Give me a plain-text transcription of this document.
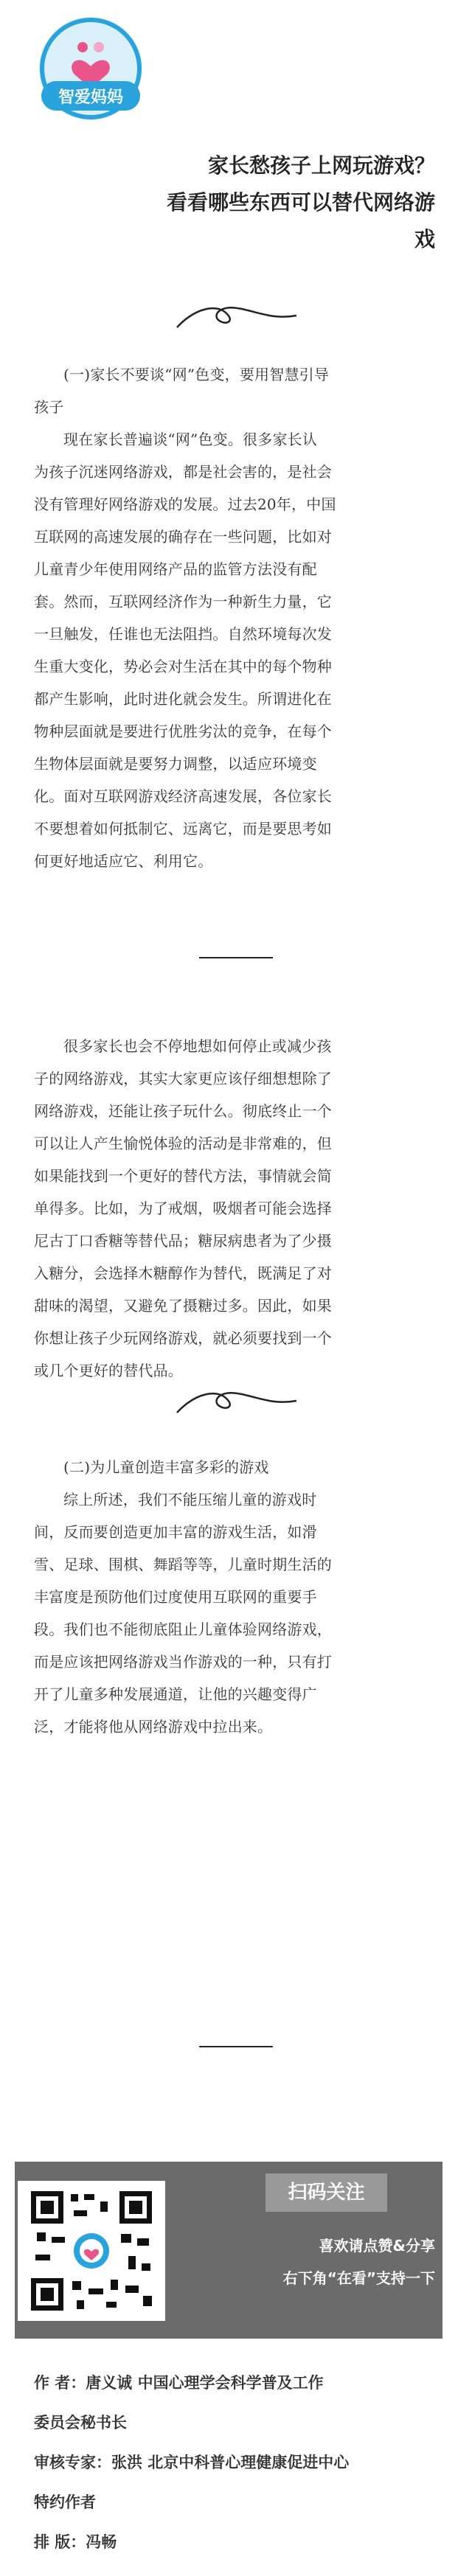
智爱妈妈
家长愁孩子上网玩游戏？
看看哪些东西可以替代网络游
戏
(一)家长不要谈“网”色变，要用智慧引导
孩子
现在家长普遍谈“网”色变。很多家长认
为孩子沉迷网络游戏，都是社会害的，是社会
没有管理好网络游戏的发展。过去20年，中国
互联网的高速发展的确存在一些问题，比如对
儿童青少年使用网络产品的监管方法没有配
套。然而，互联网经济作为一种新生力量，它
一旦触发，任谁也无法阻挡。自然环境每次发
生重大变化，势必会对生活在其中的每个物种
都产生影响，此时进化就会发生。所谓进化在
物种层面就是要进行优胜劣汰的竞争，在每个
生物体层面就是要努力调整，以适应环境变
化。面对互联网游戏经济高速发展，各位家长
不要想着如何抵制它、远离它，而是要思考如
何更好地适应它、利用它。
很多家长也会不停地想如何停止或减少孩
子的网络游戏，其实大家更应该仔细想想除了
网络游戏，还能让孩子玩什么。彻底终止一个
可以让人产生愉悦体验的活动是非常难的，但
如果能找到一个更好的替代方法，事情就会简
单得多。比如，为了戒烟，吸烟者可能会选择
尼古丁口香糖等替代品；糖尿病患者为了少摄
入糖分，会选择木糖醇作为替代，既满足了对
甜味的渴望，又避免了摄糖过多。因此，如果
你想让孩子少玩网络游戏，就必须要找到一个
或几个更好的替代品。
(二)为儿童创造丰富多彩的游戏
综上所述，我们不能压缩儿童的游戏时
间，反而要创造更加丰富的游戏生活，如滑
雪、足球、围棋、舞蹈等等，儿童时期生活的
丰富度是预防他们过度使用互联网的重要手
段。我们也不能彻底阻止儿童体验网络游戏，
而是应该把网络游戏当作游戏的一种，只有打
开了儿童多种发展通道，让他的兴趣变得广
泛，才能将他从网络游戏中拉出来。
扫码关注
喜欢请点赞&分享
右下角“在看”支持一下
作 者：唐义诚 中国心理学会科学普及工作
委员会秘书长
审核专家：张洪 北京中科普心理健康促进中心
特约作者
排 版：冯畅
